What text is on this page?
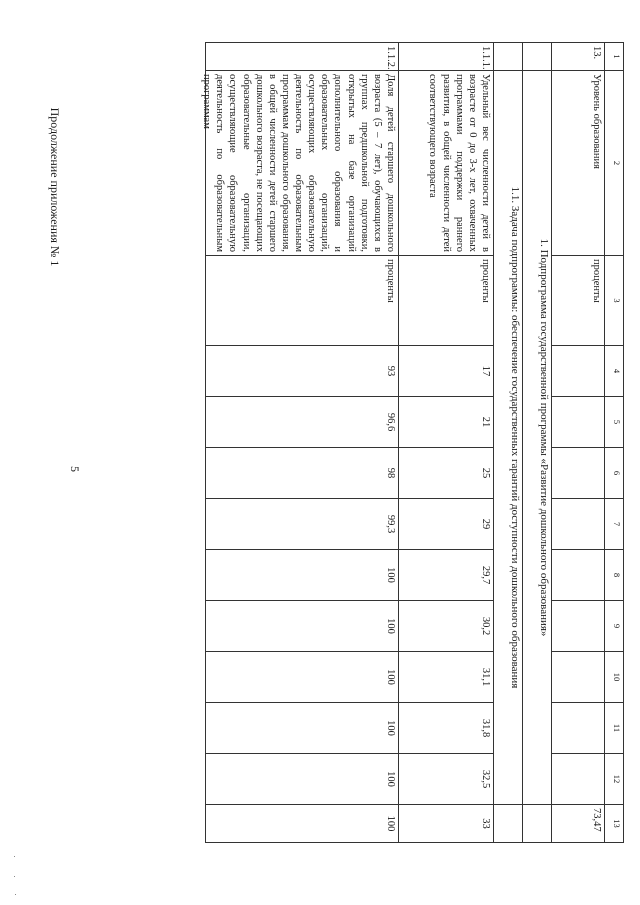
Продолжение приложения № 1
5
1	2	3	4	5	6	7	8	9	10	11	12	13
13.	Уровень образования	проценты										73,47
	1. Подпрограмма государственной программы «Развитие дошкольного образования»											
	1.1. Задача подпрограммы: обеспечение государственных гарантий доступности дошкольного образования											
1.1.1.	Удельный вес численности детей в возрасте от 0 до 3-х лет, охваченных программами поддержки раннего развития, в общей численности детей соответствующего возраста	проценты	17	21	25	29	29,7	30,2	31,1	31,8	32,5	33
1.1.2.	Доля детей старшего дошкольного возраста (5 – 7 лет), обучающихся в группах предшкольной подготовки, открытых на базе организаций дополнительного образования и образовательных организаций, осуществляющих образовательную деятельность по образовательным программам дошкольного образования, в общей численности детей старшего дошкольного возраста, не посещающих образовательные организации, осуществляющие образовательную деятельность по образовательным программам	проценты	93	96,6	98	99,3	100	100	100	100	100	100
